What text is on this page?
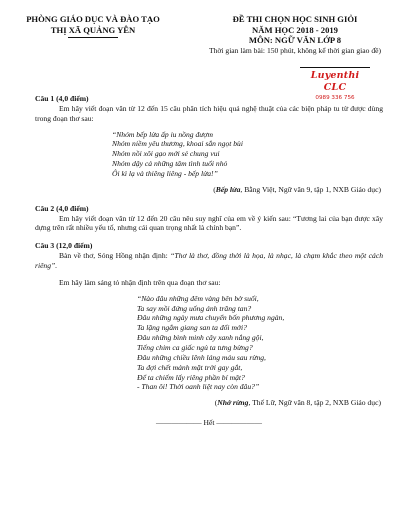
PHÒNG GIÁO DỤC VÀ ĐÀO TẠO
THỊ XÃ QUẢNG YÊN
ĐỀ THI CHỌN HỌC SINH GIỎI
NĂM HỌC 2018 - 2019
MÔN: NGỮ VĂN LỚP 8
Thời gian làm bài: 150 phút, không kể thời gian giao đề)
Luyenthi CLC
0989 336 756

Câu 1 (4,0 điểm)

Em hãy viết đoạn văn từ 12 đến 15 câu phân tích hiệu quả nghệ thuật của các biện pháp tu từ được dùng trong đoạn thơ sau:

“Nhóm bếp lửa ấp iu nồng đượm
Nhóm niềm yêu thương, khoai sắn ngọt bùi
Nhóm nồi xôi gạo mới sẻ chung vui
Nhóm dậy cả những tâm tình tuổi nhỏ
Ôi kì lạ và thiêng liêng - bếp lửa!”

(Bếp lửa, Bằng Việt, Ngữ văn 9, tập 1, NXB Giáo dục)

Câu 2 (4,0 điểm)

Em hãy viết đoạn văn từ 12 đến 20 câu nêu suy nghĩ của em về ý kiến sau: “Tương lai của bạn được xây dựng trên rất nhiều yếu tố, nhưng cái quan trọng nhất là chính bạn”.

Câu 3 (12,0 điểm)

Bàn về thơ, Sóng Hồng nhận định: “Thơ là thơ, đồng thời là họa, là nhạc, là chạm khắc theo một cách riêng”.

Em hãy làm sáng tỏ nhận định trên qua đoạn thơ sau:

“Nào đâu những đêm vàng bên bờ suối,
Ta say mồi đứng uống ánh trăng tan?
Đâu những ngày mưa chuyển bốn phương ngàn,
Ta lặng ngắm giang san ta đổi mới?
Đâu những bình minh cây xanh nắng gội,
Tiếng chim ca giấc ngủ ta tưng bừng?
Đâu những chiều lênh láng máu sau rừng,
Ta đợi chết mảnh mặt trời gay gắt,
Để ta chiếm lấy riêng phần bí mật?
- Than ôi! Thời oanh liệt nay còn đâu?”

(Nhớ rừng, Thế Lữ, Ngữ văn 8, tập 2, NXB Giáo dục)

—————— Hết ——————
